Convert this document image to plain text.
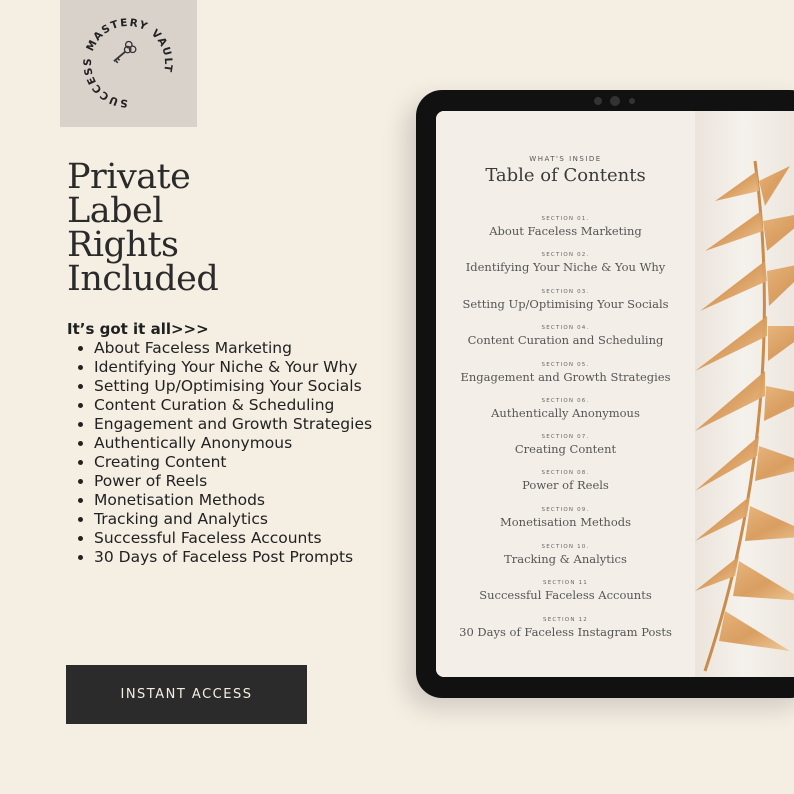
SUCCESS MASTERY VAULT
Private
Label
Rights
Included
It’s got it all>>>
• About Faceless Marketing
• Identifying Your Niche & Your Why
• Setting Up/Optimising Your Socials
• Content Curation & Scheduling
• Engagement and Growth Strategies
• Authentically Anonymous
• Creating Content
• Power of Reels
• Monetisation Methods
• Tracking and Analytics
• Successful Faceless Accounts
• 30 Days of Faceless Post Prompts
INSTANT ACCESS
WHAT'S INSIDE
Table of Contents
SECTION 01.
About Faceless Marketing
SECTION 02.
Identifying Your Niche & You Why
SECTION 03.
Setting Up/Optimising Your Socials
SECTION 04.
Content Curation and Scheduling
SECTION 05.
Engagement and Growth Strategies
SECTION 06.
Authentically Anonymous
SECTION 07.
Creating Content
SECTION 08.
Power of Reels
SECTION 09.
Monetisation Methods
SECTION 10.
Tracking & Analytics
SECTION 11
Successful Faceless Accounts
SECTION 12
30 Days of Faceless Instagram Posts
